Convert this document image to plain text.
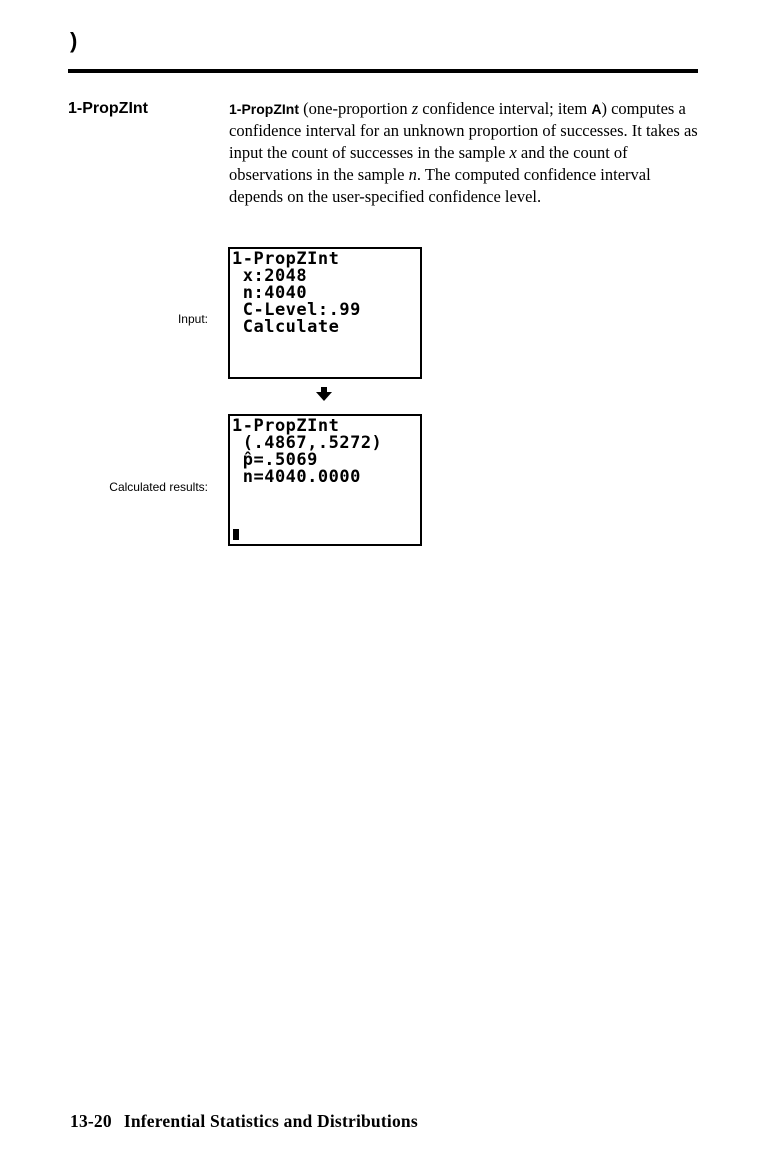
)
1-PropZInt	1-PropZInt (one-proportion z confidence interval; item A) computes a confidence interval for an unknown proportion of successes. It takes as input the count of successes in the sample x and the count of observations in the sample n. The computed confidence interval depends on the user-specified confidence level.
Input:
1-PropZInt
x:2048
n:4040
C-Level:.99
Calculate
Calculated results:
1-PropZInt
(.4867,.5272)
p̂=.5069
n=4040.0000
13-20 Inferential Statistics and Distributions
